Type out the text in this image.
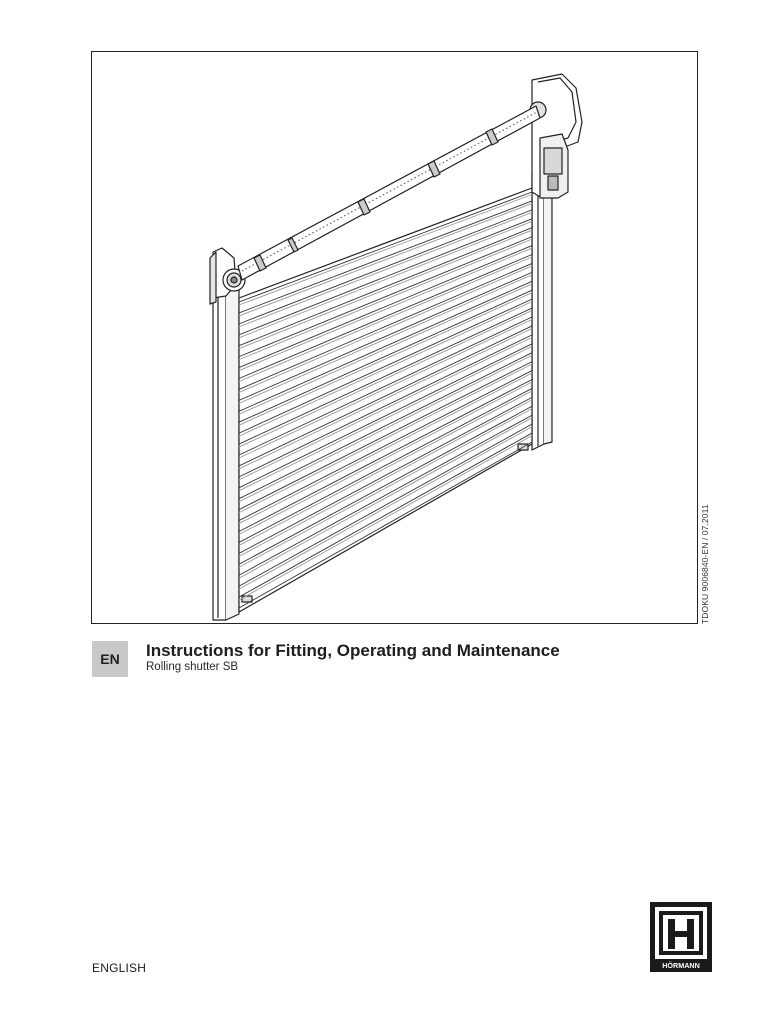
TDOKU 9006840-EN / 07.2011
EN	Instructions for Fitting, Operating and Maintenance
Rolling shutter SB
ENGLISH	HÖRMANN
